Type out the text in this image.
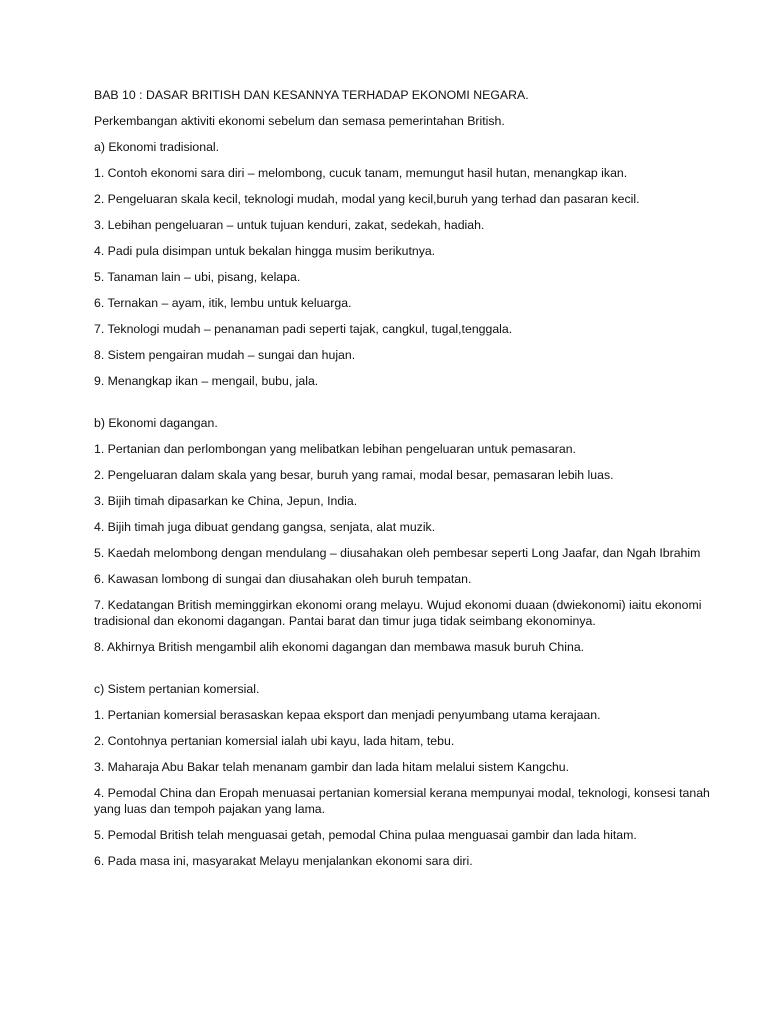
BAB 10 : DASAR BRITISH DAN KESANNYA TERHADAP EKONOMI NEGARA.
Perkembangan aktiviti ekonomi sebelum dan semasa pemerintahan British.
a) Ekonomi tradisional.
1. Contoh ekonomi sara diri – melombong, cucuk tanam, memungut hasil hutan, menangkap ikan.
2. Pengeluaran skala kecil, teknologi mudah, modal yang kecil,buruh yang terhad dan pasaran kecil.
3. Lebihan pengeluaran – untuk tujuan kenduri, zakat, sedekah, hadiah.
4. Padi pula disimpan untuk bekalan hingga musim berikutnya.
5. Tanaman lain – ubi, pisang, kelapa.
6. Ternakan – ayam, itik, lembu untuk keluarga.
7. Teknologi mudah – penanaman padi seperti tajak, cangkul, tugal,tenggala.
8. Sistem pengairan mudah – sungai dan hujan.
9. Menangkap ikan – mengail, bubu, jala.
b) Ekonomi dagangan.
1. Pertanian dan perlombongan yang melibatkan lebihan pengeluaran untuk pemasaran.
2. Pengeluaran dalam skala yang besar, buruh yang ramai, modal besar, pemasaran lebih luas.
3. Bijih timah dipasarkan ke China, Jepun, India.
4. Bijih timah juga dibuat gendang gangsa, senjata, alat muzik.
5. Kaedah melombong dengan mendulang – diusahakan oleh pembesar seperti Long Jaafar, dan Ngah Ibrahim
6. Kawasan lombong di sungai dan diusahakan oleh buruh tempatan.
7. Kedatangan British meminggirkan ekonomi orang melayu. Wujud ekonomi duaan (dwiekonomi) iaitu ekonomi tradisional dan ekonomi dagangan. Pantai barat dan timur juga tidak seimbang ekonominya.
8. Akhirnya British mengambil alih ekonomi dagangan dan membawa masuk buruh China.
c) Sistem pertanian komersial.
1. Pertanian komersial berasaskan kepaa eksport dan menjadi penyumbang utama kerajaan.
2. Contohnya pertanian komersial ialah ubi kayu, lada hitam, tebu.
3. Maharaja Abu Bakar telah menanam gambir dan lada hitam melalui sistem Kangchu.
4. Pemodal China dan Eropah menuasai pertanian komersial kerana mempunyai modal, teknologi, konsesi tanah yang luas dan tempoh pajakan yang lama.
5. Pemodal British telah menguasai getah, pemodal China pulaa menguasai gambir dan lada hitam.
6. Pada masa ini, masyarakat Melayu menjalankan ekonomi sara diri.
